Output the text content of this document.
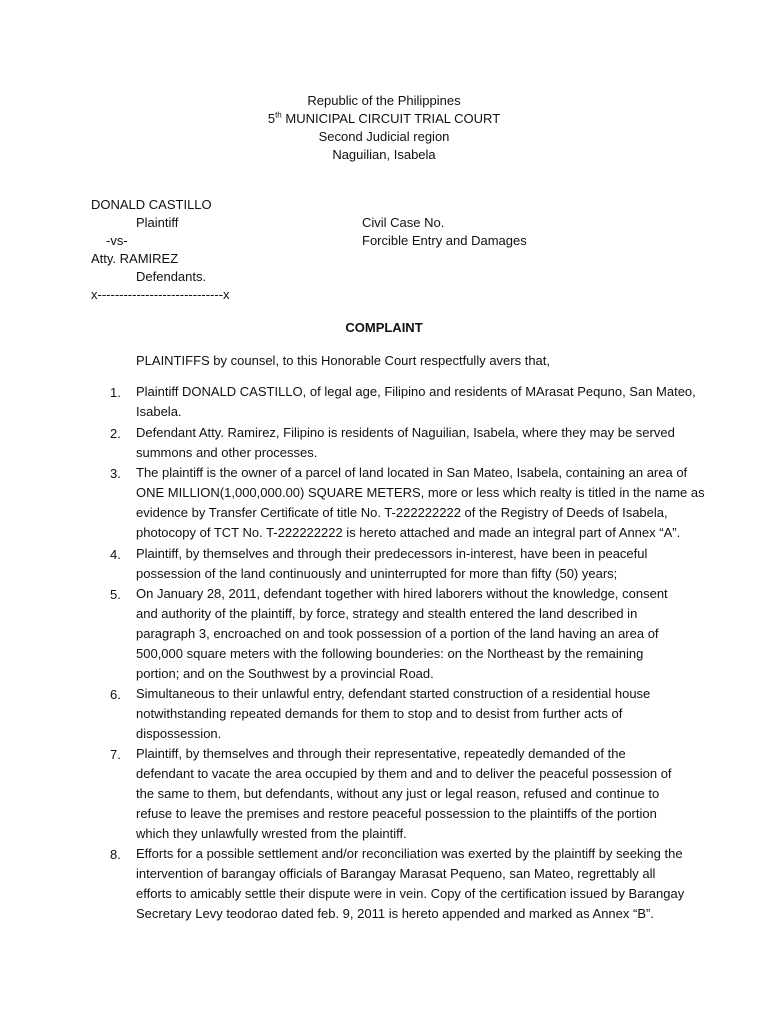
Republic of the Philippines
5th MUNICIPAL CIRCUIT TRIAL COURT
Second Judicial region
Naguilian, Isabela
DONALD CASTILLO
Plaintiff	Civil Case No.
-vs-	Forcible Entry and Damages
Atty. RAMIREZ
Defendants.
x-----------------------------x
COMPLAINT
PLAINTIFFS by counsel, to this Honorable Court respectfully avers that,
1.	Plaintiff DONALD CASTILLO, of legal age, Filipino and residents of MArasat Pequno, San Mateo,
Isabela.
2.	Defendant Atty. Ramirez, Filipino is residents of Naguilian, Isabela, where they may be served
summons and other processes.
3.	The plaintiff is the owner of a parcel of land located in San Mateo, Isabela, containing an area of
ONE MILLION(1,000,000.00) SQUARE METERS, more or less which realty is titled in the name as
evidence by Transfer Certificate of title No. T-222222222 of the Registry of Deeds of Isabela,
photocopy of TCT No. T-222222222 is hereto attached and made an integral part of Annex “A”.
4.	Plaintiff, by themselves and through their predecessors in-interest, have been in peaceful
possession of the land continuously and uninterrupted for more than fifty (50) years;
5.	On January 28, 2011, defendant together with hired laborers without the knowledge, consent
and authority of the plaintiff, by force, strategy and stealth entered the land described in
paragraph 3, encroached on and took possession of a portion of the land having an area of
500,000 square meters with the following bounderies: on the Northeast by the remaining
portion; and on the Southwest by a provincial Road.
6.	Simultaneous to their unlawful entry, defendant started construction of a residential house
notwithstanding repeated demands for them to stop and to desist from further acts of
dispossession.
7.	Plaintiff, by themselves and through their representative, repeatedly demanded of the
defendant to vacate the area occupied by them and and to deliver the peaceful possession of
the same to them, but defendants, without any just or legal reason, refused and continue to
refuse to leave the premises and restore peaceful possession to the plaintiffs of the portion
which they unlawfully wrested from the plaintiff.
8.	Efforts for a possible settlement and/or reconciliation was exerted by the plaintiff by seeking the
intervention of barangay officials of Barangay Marasat Pequeno, san Mateo, regrettably all
efforts to amicably settle their dispute were in vein. Copy of the certification issued by Barangay
Secretary Levy teodorao dated feb. 9, 2011 is hereto appended and marked as Annex “B”.
